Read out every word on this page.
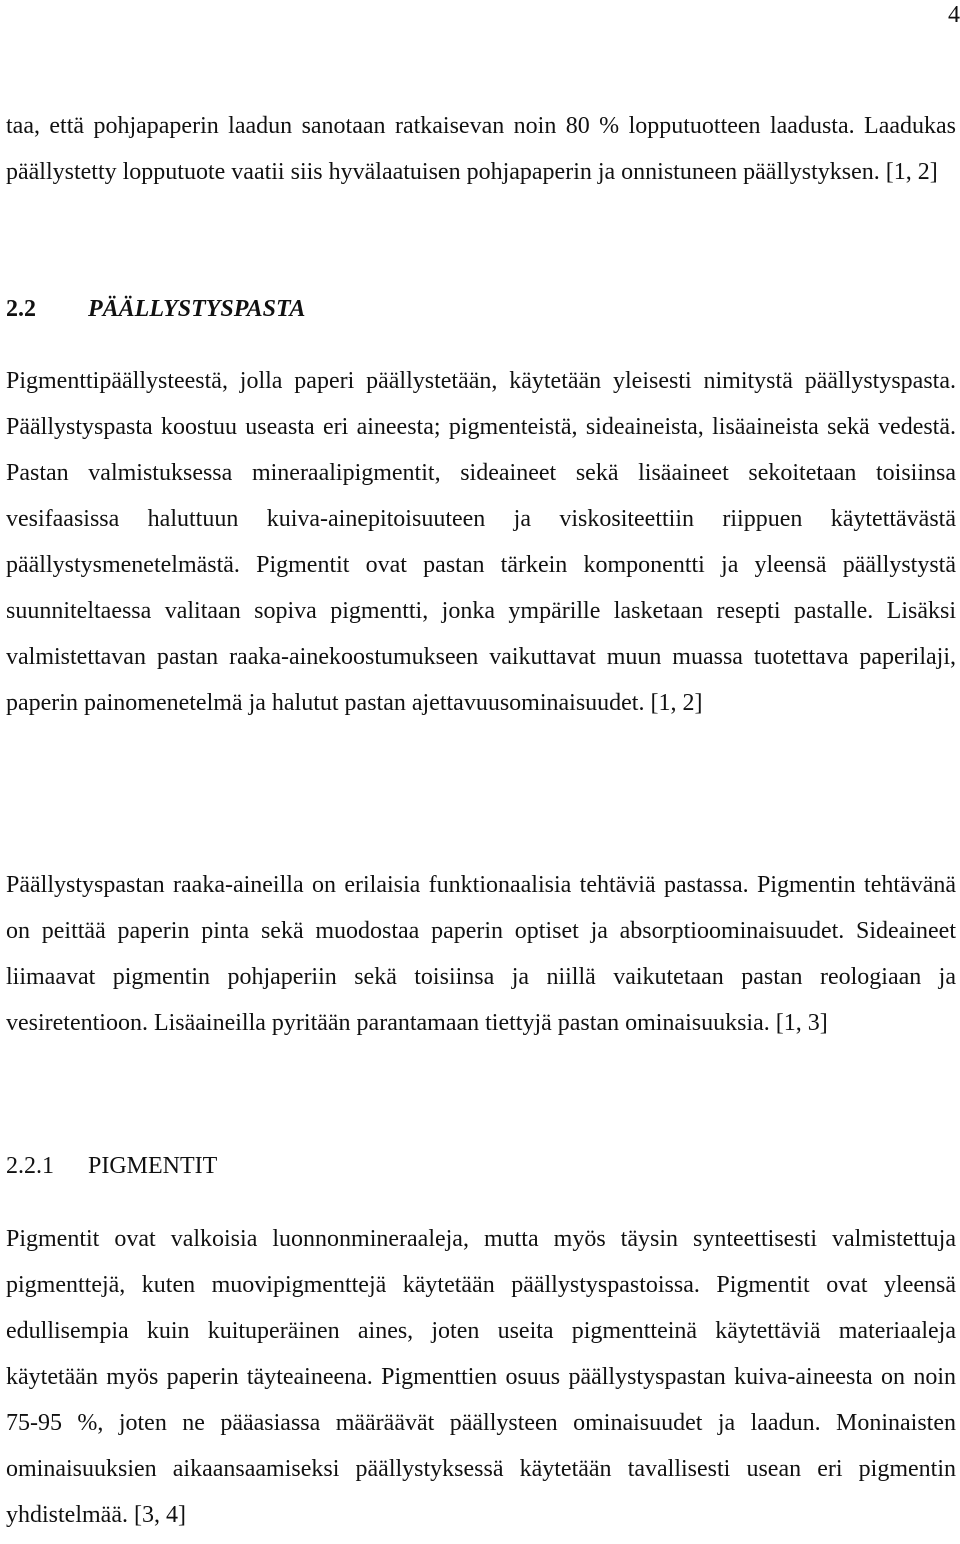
4

taa, että pohjapaperin laadun sanotaan ratkaisevan noin 80 % lopputuotteen laadusta. Laadukas päällystetty lopputuote vaatii siis hyvälaatuisen pohjapaperin ja onnistuneen päällystyksen. [1, 2]

2.2 PÄÄLLYSTYSPASTA

Pigmenttipäällysteestä, jolla paperi päällystetään, käytetään yleisesti nimitystä päällystyspasta. Päällystyspasta koostuu useasta eri aineesta; pigmenteistä, sideaineista, lisäaineista sekä vedestä. Pastan valmistuksessa mineraalipigmentit, sideaineet sekä lisäaineet sekoitetaan toisiinsa vesifaasissa haluttuun kuiva-ainepitoisuuteen ja viskositeettiin riippuen käytettävästä päällystysmenetelmästä. Pigmentit ovat pastan tärkein komponentti ja yleensä päällystystä suunniteltaessa valitaan sopiva pigmentti, jonka ympärille lasketaan resepti pastalle. Lisäksi valmistettavan pastan raaka-ainekoostumukseen vaikuttavat muun muassa tuotettava paperilaji, paperin painomenetelmä ja halutut pastan ajettavuusominaisuudet. [1, 2]

Päällystyspastan raaka-aineilla on erilaisia funktionaalisia tehtäviä pastassa. Pigmentin tehtävänä on peittää paperin pinta sekä muodostaa paperin optiset ja absorptioominaisuudet. Sideaineet liimaavat pigmentin pohjaperiin sekä toisiinsa ja niillä vaikutetaan pastan reologiaan ja vesiretentioon. Lisäaineilla pyritään parantamaan tiettyjä pastan ominaisuuksia. [1, 3]

2.2.1 PIGMENTIT

Pigmentit ovat valkoisia luonnonmineraaleja, mutta myös täysin synteettisesti valmistettuja pigmenttejä, kuten muovipigmenttejä käytetään päällystyspastoissa. Pigmentit ovat yleensä edullisempia kuin kuituperäinen aines, joten useita pigmentteinä käytettäviä materiaaleja käytetään myös paperin täyteaineena. Pigmenttien osuus päällystyspastan kuiva-aineesta on noin 75-95 %, joten ne pääasiassa määräävät päällysteen ominaisuudet ja laadun. Moninaisten ominaisuuksien aikaansaamiseksi päällystyksessä käytetään tavallisesti usean eri pigmentin yhdistelmää. [3, 4]
